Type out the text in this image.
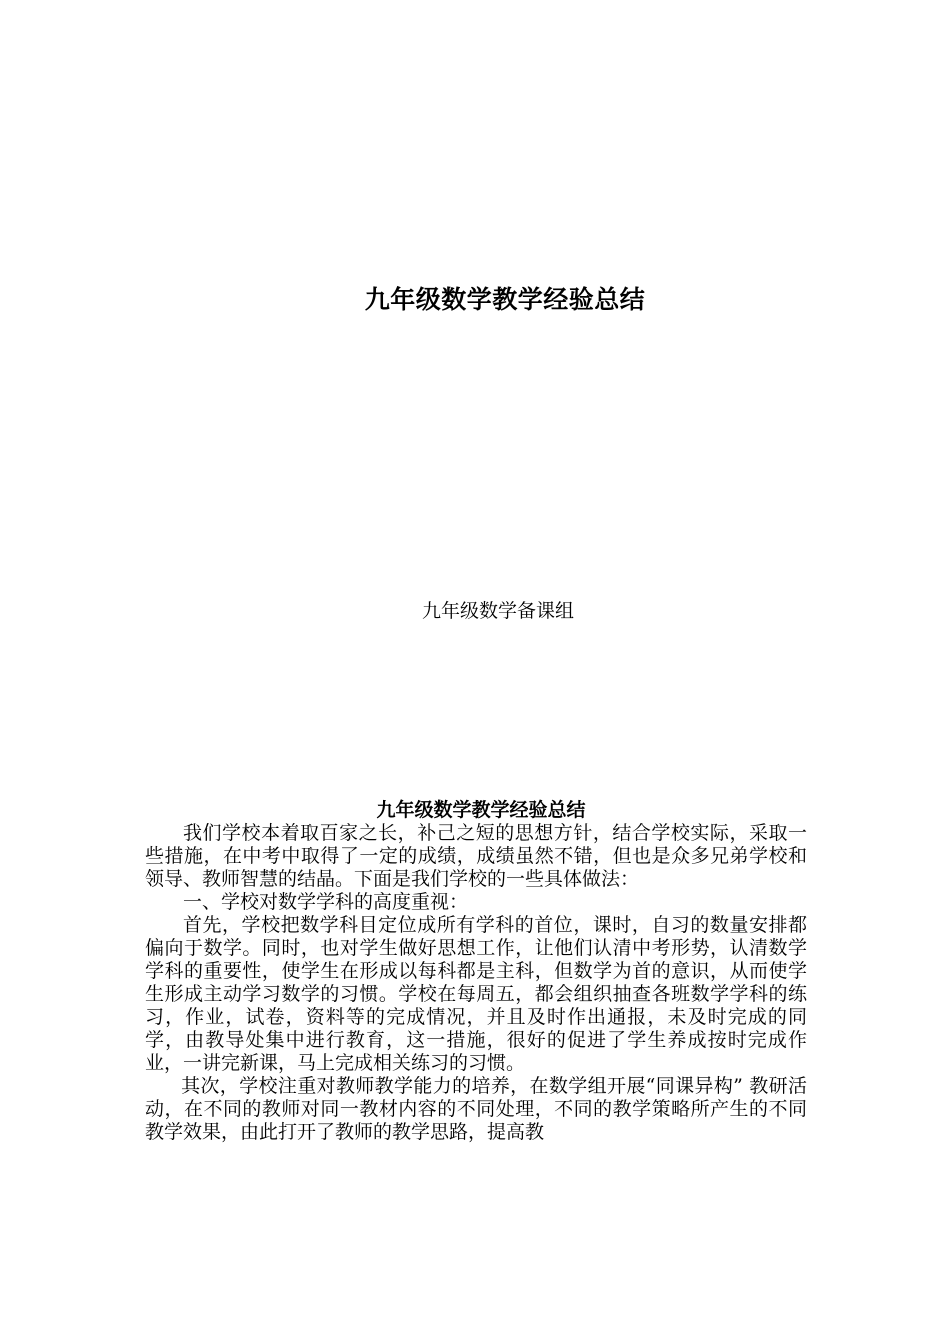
九年级数学教学经验总结
九年级数学备课组
九年级数学教学经验总结

我们学校本着取百家之长，补己之短的思想方针，结合学校实际，采取一些措施，在中考中取得了一定的成绩，成绩虽然不错，但也是众多兄弟学校和领导、教师智慧的结晶。下面是我们学校的一些具体做法：

一、学校对数学学科的高度重视：

首先，学校把数学科目定位成所有学科的首位，课时，自习的数量安排都偏向于数学。同时，也对学生做好思想工作，让他们认清中考形势，认清数学学科的重要性，使学生在形成以每科都是主科，但数学为首的意识，从而使学生形成主动学习数学的习惯。学校在每周五，都会组织抽查各班数学学科的练习，作业，试卷，资料等的完成情况，并且及时作出通报，未及时完成的同学，由教导处集中进行教育，这一措施，很好的促进了学生养成按时完成作业，一讲完新课，马上完成相关练习的习惯。

其次，学校注重对教师教学能力的培养，在数学组开展“同课异构” 教研活动，在不同的教师对同一教材内容的不同处理，不同的教学策略所产生的不同教学效果，由此打开了教师的教学思路，提高教
